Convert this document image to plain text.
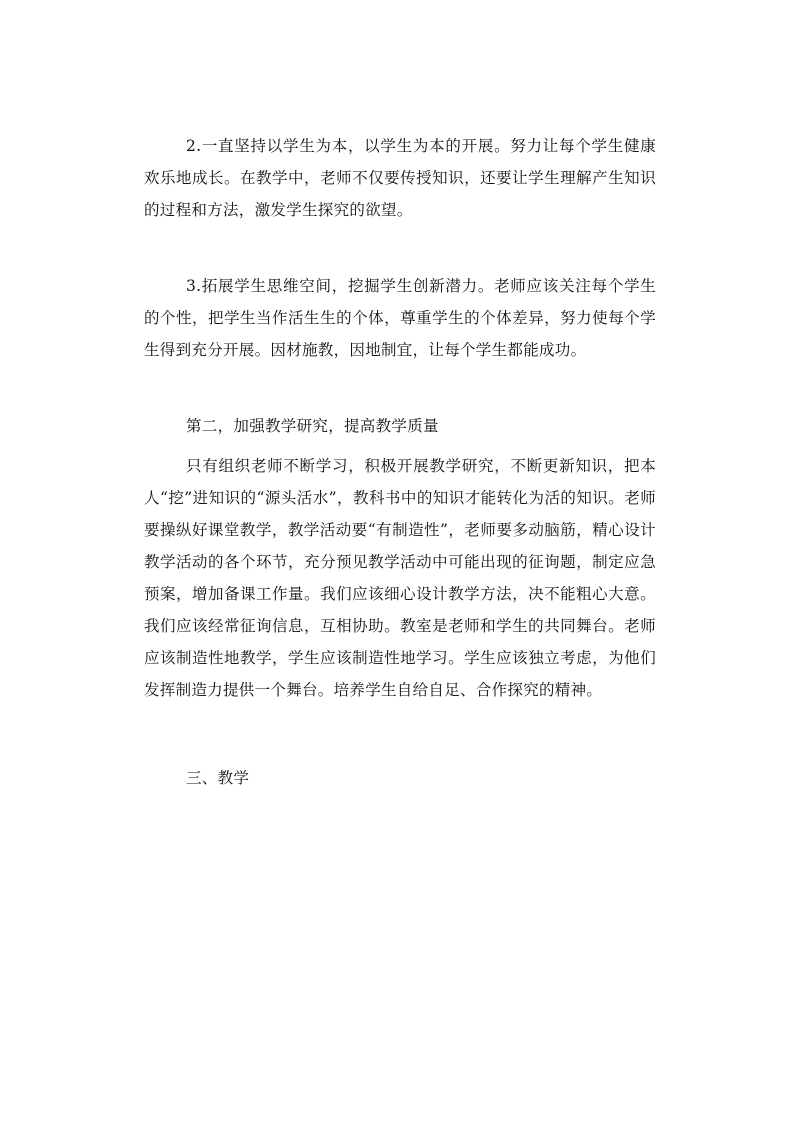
2.一直坚持以学生为本，以学生为本的开展。努力让每个学生健康欢乐地成长。在教学中，老师不仅要传授知识，还要让学生理解产生知识的过程和方法，激发学生探究的欲望。

3.拓展学生思维空间，挖掘学生创新潜力。老师应该关注每个学生的个性，把学生当作活生生的个体，尊重学生的个体差异，努力使每个学生得到充分开展。因材施教，因地制宜，让每个学生都能成功。

第二，加强教学研究，提高教学质量

只有组织老师不断学习，积极开展教学研究，不断更新知识，把本人“挖”进知识的“源头活水”，教科书中的知识才能转化为活的知识。老师要操纵好课堂教学，教学活动要“有制造性”，老师要多动脑筋，精心设计教学活动的各个环节，充分预见教学活动中可能出现的征询题，制定应急预案，增加备课工作量。我们应该细心设计教学方法，决不能粗心大意。我们应该经常征询信息，互相协助。教室是老师和学生的共同舞台。老师应该制造性地教学，学生应该制造性地学习。学生应该独立考虑，为他们发挥制造力提供一个舞台。培养学生自给自足、合作探究的精神。

三、教学
